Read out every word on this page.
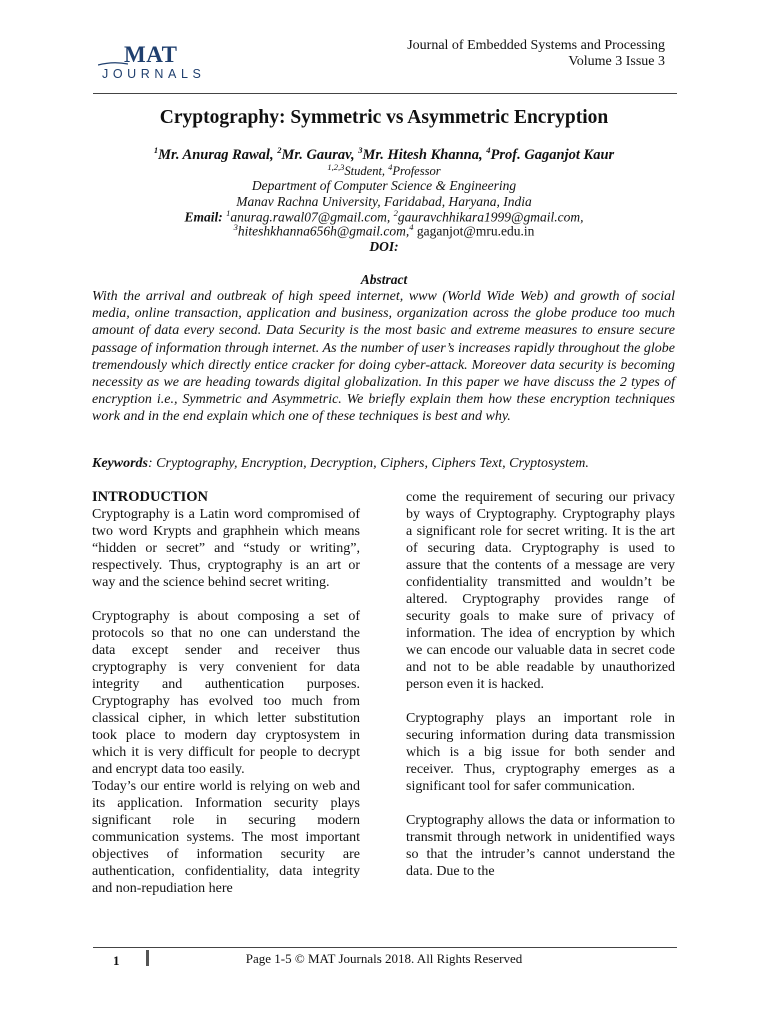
MAT
JOURNALS
Journal of Embedded Systems and Processing
Volume 3 Issue 3
Cryptography: Symmetric vs Asymmetric Encryption
$^1$Mr. Anurag Rawal, $^2$Mr. Gaurav, $^3$Mr. Hitesh Khanna, $^4$Prof. Gaganjot Kaur
$^{1,2,3}$Student, $^4$Professor
Department of Computer Science & Engineering
Manav Rachna University, Faridabad, Haryana, India
Email: $^1$anurag.rawal07@gmail.com, $^2$gauravchhikara1999@gmail.com,
$^3$hiteshkhanna656h@gmail.com,$^4$ gaganjot@mru.edu.in
DOI:
Abstract

With the arrival and outbreak of high speed internet, www (World Wide Web) and growth of social media, online transaction, application and business, organization across the globe produce too much amount of data every second. Data Security is the most basic and extreme measures to ensure secure passage of information through internet. As the number of user’s increases rapidly throughout the globe tremendously which directly entice cracker for doing cyber-attack. Moreover data security is becoming necessity as we are heading towards digital globalization. In this paper we have discuss the 2 types of encryption i.e., Symmetric and Asymmetric. We briefly explain them how these encryption techniques work and in the end explain which one of these techniques is best and why.

Keywords: Cryptography, Encryption, Decryption, Ciphers, Ciphers Text, Cryptosystem.

INTRODUCTION

Cryptography is a Latin word compromised of two word Krypts and graphhein which means “hidden or secret” and “study or writing”, respectively. Thus, cryptography is an art or way and the science behind secret writing.

Cryptography is about composing a set of protocols so that no one can understand the data except sender and receiver thus cryptography is very convenient for data integrity and authentication purposes. Cryptography has evolved too much from classical cipher, in which letter substitution took place to modern day cryptosystem in which it is very difficult for people to decrypt and encrypt data too easily.

Today’s our entire world is relying on web and its application. Information security plays significant role in securing modern communication systems. The most important objectives of information security are authentication, confidentiality, data integrity and non-repudiation here

come the requirement of securing our privacy by ways of Cryptography. Cryptography plays a significant role for secret writing. It is the art of securing data. Cryptography is used to assure that the contents of a message are very confidentiality transmitted and wouldn’t be altered. Cryptography provides range of security goals to make sure of privacy of information. The idea of encryption by which we can encode our valuable data in secret code and not to be able readable by unauthorized person even it is hacked.

Cryptography plays an important role in securing information during data transmission which is a big issue for both sender and receiver. Thus, cryptography emerges as a significant tool for safer communication.

Cryptography allows the data or information to transmit through network in unidentified ways so that the intruder’s cannot understand the data. Due to the

1	Page 1-5 © MAT Journals 2018. All Rights Reserved
